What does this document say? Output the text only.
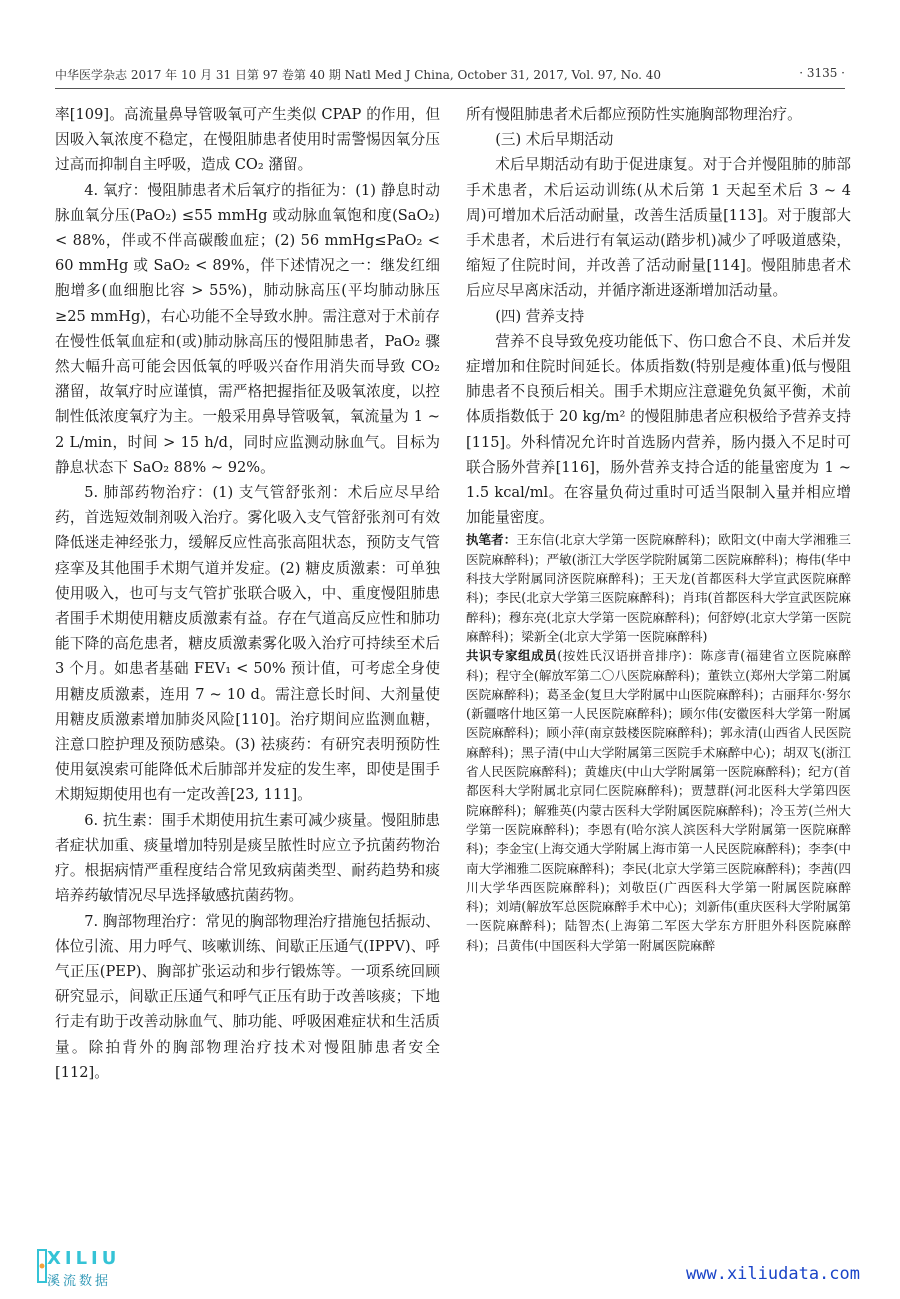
中华医学杂志 2017 年 10 月 31 日第 97 卷第 40 期 Natl Med J China, October 31, 2017, Vol. 97, No. 40	· 3135 ·

率[109]。高流量鼻导管吸氧可产生类似 CPAP 的作用，但因吸入氧浓度不稳定，在慢阻肺患者使用时需警惕因氧分压过高而抑制自主呼吸，造成 CO₂ 潴留。

4. 氧疗：慢阻肺患者术后氧疗的指征为：(1) 静息时动脉血氧分压(PaO₂) ≤55 mmHg 或动脉血氧饱和度(SaO₂) < 88%，伴或不伴高碳酸血症；(2) 56 mmHg≤PaO₂ < 60 mmHg 或 SaO₂ < 89%，伴下述情况之一：继发红细胞增多(血细胞比容 > 55%)，肺动脉高压(平均肺动脉压≥25 mmHg)，右心功能不全导致水肿。需注意对于术前存在慢性低氧血症和(或)肺动脉高压的慢阻肺患者，PaO₂ 骤然大幅升高可能会因低氧的呼吸兴奋作用消失而导致 CO₂ 潴留，故氧疗时应谨慎，需严格把握指征及吸氧浓度，以控制性低浓度氧疗为主。一般采用鼻导管吸氧，氧流量为 1 ~ 2 L/min，时间 > 15 h/d，同时应监测动脉血气。目标为静息状态下 SaO₂ 88% ~ 92%。

5. 肺部药物治疗：(1) 支气管舒张剂：术后应尽早给药，首选短效制剂吸入治疗。雾化吸入支气管舒张剂可有效降低迷走神经张力，缓解反应性高张高阻状态，预防支气管痉挛及其他围手术期气道并发症。(2) 糖皮质激素：可单独使用吸入，也可与支气管扩张联合吸入，中、重度慢阻肺患者围手术期使用糖皮质激素有益。存在气道高反应性和肺功能下降的高危患者，糖皮质激素雾化吸入治疗可持续至术后 3 个月。如患者基础 FEV₁ < 50% 预计值，可考虑全身使用糖皮质激素，连用 7 ~ 10 d。需注意长时间、大剂量使用糖皮质激素增加肺炎风险[110]。治疗期间应监测血糖，注意口腔护理及预防感染。(3) 祛痰药：有研究表明预防性使用氨溴索可能降低术后肺部并发症的发生率，即使是围手术期短期使用也有一定改善[23, 111]。

6. 抗生素：围手术期使用抗生素可减少痰量。慢阻肺患者症状加重、痰量增加特别是痰呈脓性时应立予抗菌药物治疗。根据病情严重程度结合常见致病菌类型、耐药趋势和痰培养药敏情况尽早选择敏感抗菌药物。

7. 胸部物理治疗：常见的胸部物理治疗措施包括振动、体位引流、用力呼气、咳嗽训练、间歇正压通气(IPPV)、呼气正压(PEP)、胸部扩张运动和步行锻炼等。一项系统回顾研究显示，间歇正压通气和呼气正压有助于改善咳痰；下地行走有助于改善动脉血气、肺功能、呼吸困难症状和生活质量。除拍背外的胸部物理治疗技术对慢阻肺患者安全[112]。

所有慢阻肺患者术后都应预防性实施胸部物理治疗。

(三) 术后早期活动

术后早期活动有助于促进康复。对于合并慢阻肺的肺部手术患者，术后运动训练(从术后第 1 天起至术后 3 ~ 4 周)可增加术后活动耐量，改善生活质量[113]。对于腹部大手术患者，术后进行有氧运动(踏步机)减少了呼吸道感染，缩短了住院时间，并改善了活动耐量[114]。慢阻肺患者术后应尽早离床活动，并循序渐进逐渐增加活动量。

(四) 营养支持

营养不良导致免疫功能低下、伤口愈合不良、术后并发症增加和住院时间延长。体质指数(特别是瘦体重)低与慢阻肺患者不良预后相关。围手术期应注意避免负氮平衡，术前体质指数低于 20 kg/m² 的慢阻肺患者应积极给予营养支持[115]。外科情况允许时首选肠内营养，肠内摄入不足时可联合肠外营养[116]，肠外营养支持合适的能量密度为 1 ~ 1.5 kcal/ml。在容量负荷过重时可适当限制入量并相应增加能量密度。

执笔者：王东信(北京大学第一医院麻醉科)；欧阳文(中南大学湘雅三医院麻醉科)；严敏(浙江大学医学院附属第二医院麻醉科)；梅伟(华中科技大学附属同济医院麻醉科)；王天龙(首都医科大学宣武医院麻醉科)；李民(北京大学第三医院麻醉科)；肖玮(首都医科大学宣武医院麻醉科)；穆东亮(北京大学第一医院麻醉科)；何舒婷(北京大学第一医院麻醉科)；梁新全(北京大学第一医院麻醉科)

共识专家组成员(按姓氏汉语拼音排序)：陈彦青(福建省立医院麻醉科)；程守全(解放军第二〇八医院麻醉科)；董铁立(郑州大学第二附属医院麻醉科)；葛圣金(复旦大学附属中山医院麻醉科)；古丽拜尔·努尔(新疆喀什地区第一人民医院麻醉科)；顾尔伟(安徽医科大学第一附属医院麻醉科)；顾小萍(南京鼓楼医院麻醉科)；郭永清(山西省人民医院麻醉科)；黑子清(中山大学附属第三医院手术麻醉中心)；胡双飞(浙江省人民医院麻醉科)；黄雄庆(中山大学附属第一医院麻醉科)；纪方(首都医科大学附属北京同仁医院麻醉科)；贾慧群(河北医科大学第四医院麻醉科)；解雅英(内蒙古医科大学附属医院麻醉科)；冷玉芳(兰州大学第一医院麻醉科)；李恩有(哈尔滨人滨医科大学附属第一医院麻醉科)；李金宝(上海交通大学附属上海市第一人民医院麻醉科)；李李(中南大学湘雅二医院麻醉科)；李民(北京大学第三医院麻醉科)；李茜(四川大学华西医院麻醉科)；刘敬臣(广西医科大学第一附属医院麻醉科)；刘靖(解放军总医院麻醉手术中心)；刘新伟(重庆医科大学附属第一医院麻醉科)；陆智杰(上海第二军医大学东方肝胆外科医院麻醉科)；吕黄伟(中国医科大学第一附属医院麻醉

XILIU
溪流数据	www.xiliudata.com
